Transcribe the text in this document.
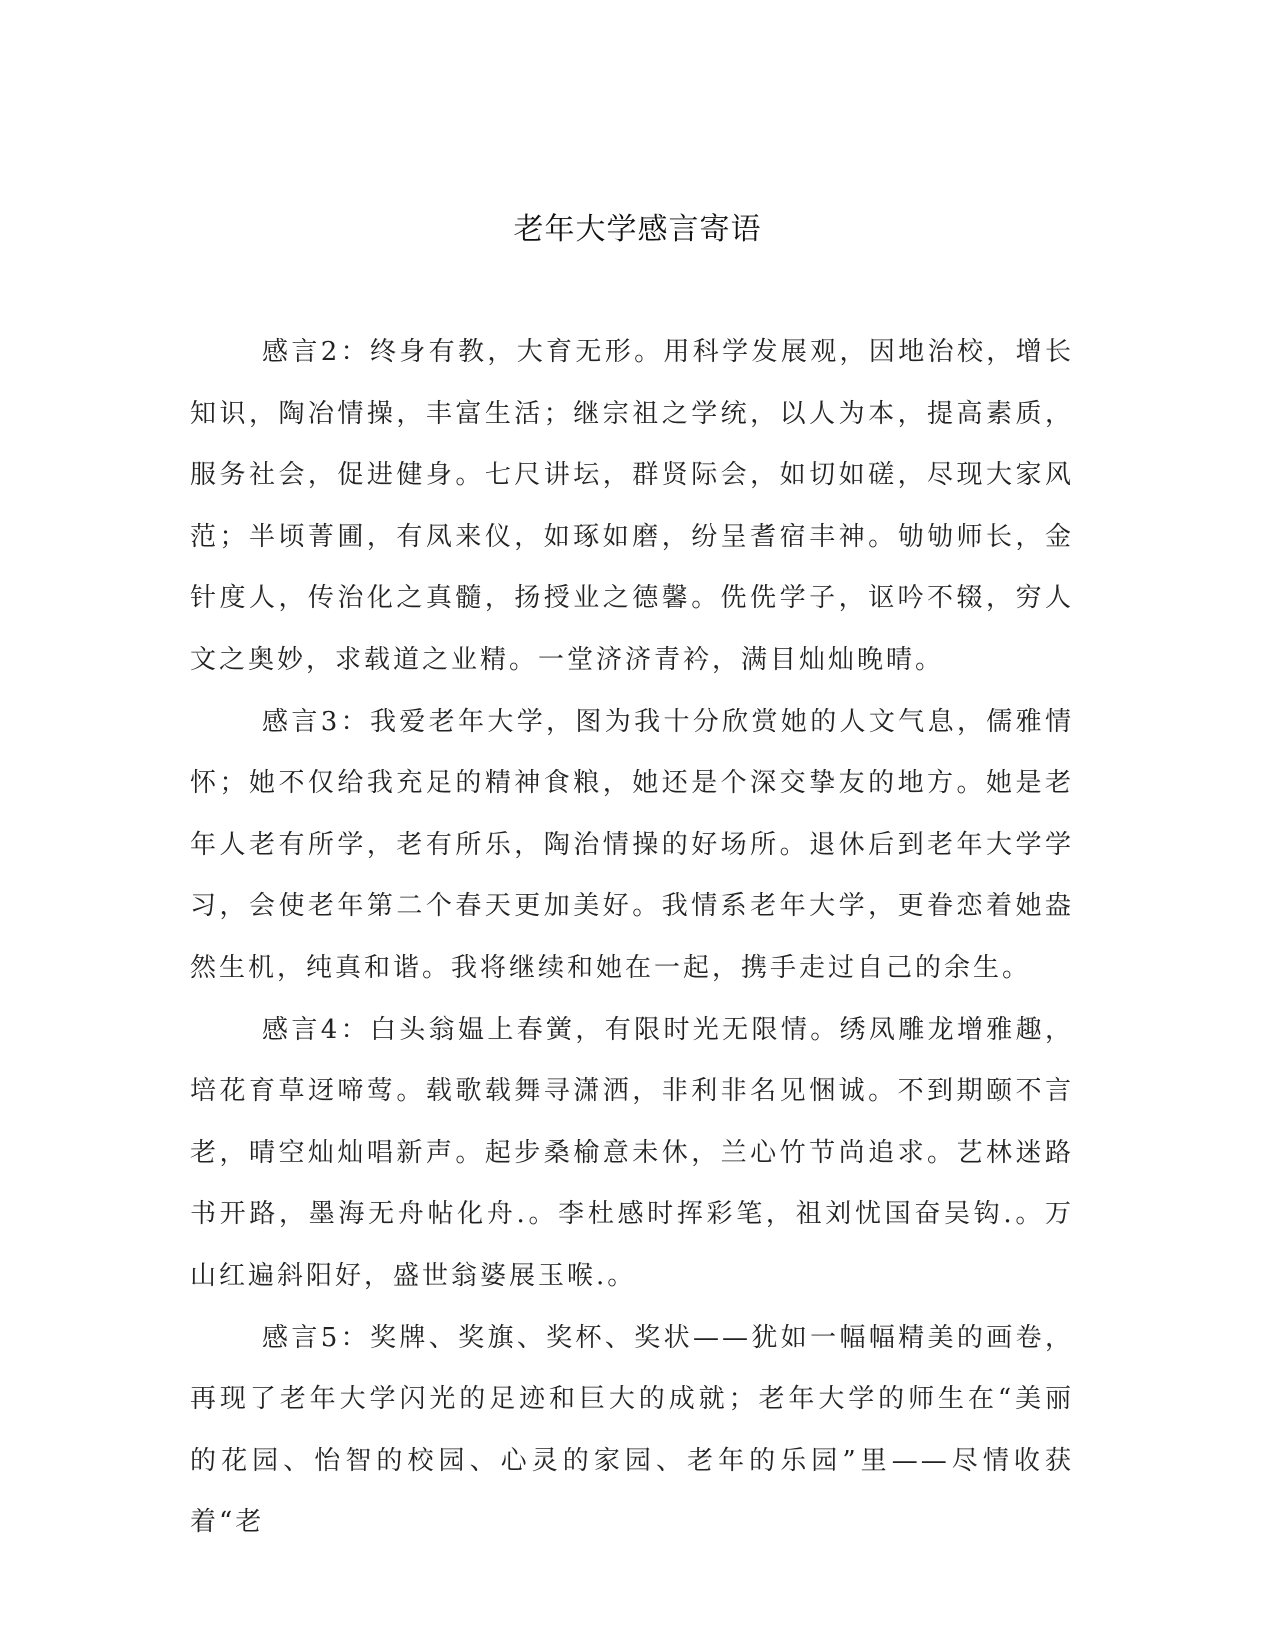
老年大学感言寄语

感言2：终身有教，大育无形。用科学发展观，因地治校，增长知识，陶冶情操，丰富生活；继宗祖之学统，以人为本，提高素质，服务社会，促进健身。七尺讲坛，群贤际会，如切如磋，尽现大家风范；半顷菁圃，有凤来仪，如琢如磨，纷呈耆宿丰神。劬劬师长，金针度人，传治化之真髓，扬授业之德馨。侁侁学子，讴吟不辍，穷人文之奥妙，求载道之业精。一堂济济青衿，满目灿灿晚晴。

感言3：我爱老年大学，图为我十分欣赏她的人文气息，儒雅情怀；她不仅给我充足的精神食粮，她还是个深交挚友的地方。她是老年人老有所学，老有所乐，陶治情操的好场所。退休后到老年大学学习，会使老年第二个春天更加美好。我情系老年大学，更眷恋着她盎然生机，纯真和谐。我将继续和她在一起，携手走过自己的余生。

感言4：白头翁媪上春黉，有限时光无限情。绣凤雕龙增雅趣，培花育草迓啼莺。载歌载舞寻潇洒，非利非名见悃诚。不到期颐不言老，晴空灿灿唱新声。起步桑榆意未休，兰心竹节尚追求。艺林迷路书开路，墨海无舟帖化舟.。李杜感时挥彩笔，祖刘忧国奋吴钩.。万山红遍斜阳好，盛世翁婆展玉喉.。

感言5：奖牌、奖旗、奖杯、奖状——犹如一幅幅精美的画卷，再现了老年大学闪光的足迹和巨大的成就；老年大学的师生在“美丽的花园、怡智的校园、心灵的家园、老年的乐园”里——尽情收获着“老
